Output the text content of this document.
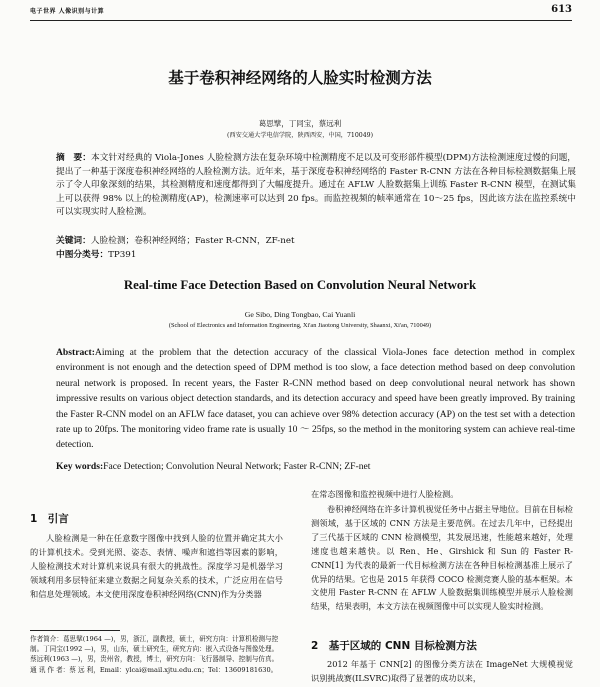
电子世界 人像识别与计算	613
基于卷积神经网络的人脸实时检测方法
葛思擘，丁同宝，蔡远利
(西安交通大学电信学院，陕西西安，中国，710049)
摘　要：本文针对经典的 Viola-Jones 人脸检测方法在复杂环境中检测精度不足以及可变形部件模型(DPM)方法检测速度过慢的问题，提出了一种基于深度卷积神经网络的人脸检测方法。近年来，基于深度卷积神经网络的 Faster R-CNN 方法在各种目标检测数据集上展示了令人印象深刻的结果，其检测精度和速度都得到了大幅度提升。通过在 AFLW 人脸数据集上训练 Faster R-CNN 模型，在测试集上可以获得 98% 以上的检测精度(AP)，检测速率可以达到 20 fps。而监控视频的帧率通常在 10～25 fps，因此该方法在监控系统中可以实现实时人脸检测。
关键词：人脸检测；卷积神经网络；Faster R-CNN，ZF-net
中图分类号：TP391
Real-time Face Detection Based on Convolution Neural Network
Ge Sibo, Ding Tongbao, Cai Yuanli
(School of Electronics and Information Engineering, Xi'an Jiaotong University, Shaanxi, Xi'an, 710049)
Abstract:Aiming at the problem that the detection accuracy of the classical Viola-Jones face detection method in complex environment is not enough and the detection speed of DPM method is too slow, a face detection method based on deep convolution neural network is proposed. In recent years, the Faster R-CNN method based on deep convolutional neural network has shown impressive results on various object detection standards, and its detection accuracy and speed have been greatly improved. By training the Faster R-CNN model on an AFLW face dataset, you can achieve over 98% detection accuracy (AP) on the test set with a detection rate up to 20fps. The monitoring video frame rate is usually 10 ～ 25fps, so the method in the monitoring system can achieve real-time detection.
Key words:Face Detection; Convolution Neural Network; Faster R-CNN; ZF-net
1　引言

人脸检测是一种在任意数字图像中找到人脸的位置并确定其大小的计算机技术。受到光照、姿态、表情、噪声和遮挡等因素的影响，人脸检测技术对计算机来说具有很大的挑战性。深度学习是机器学习领域利用多层特征来建立数据之间复杂关系的技术，广泛应用在信号和信息处理领域。本文使用深度卷积神经网络(CNN)作为分类器

作者简介：葛思擘(1964 —)，男，浙江，副教授，硕士，研究方向：计算机检测与控制。丁同宝(1992 —)，男，山东，硕士研究生，研究方向：嵌入式设备与图像处理。蔡远利(1963 —)，男，贵州省，教授，博士，研究方向：飞行器制导、控制与仿真。通 讯 作 者：蔡 远 利，Email：ylcai@mail.xjtu.edu.cn；Tel：13609181630。

在常态图像和监控视频中进行人脸检测。

卷积神经网络在许多计算机视觉任务中占据主导地位。目前在目标检测领域，基于区域的 CNN 方法是主要范例。在过去几年中，已经提出了三代基于区域的 CNN 检测模型，其发展迅速，性能越来越好，处理速度也越来越快。以 Ren、He、Girshick 和 Sun 的 Faster R-CNN[1] 为代表的最新一代目标检测方法在各种目标检测基准上展示了优异的结果。它也是 2015 年获得 COCO 检测竞赛人脸的基本框架。本文使用 Faster R-CNN 在 AFLW 人脸数据集训练模型并展示人脸检测结果，结果表明，本文方法在视频图像中可以实现人脸实时检测。

2　基于区域的 CNN 目标检测方法

2012 年基于 CNN[2] 的图像分类方法在 ImageNet 大规模视觉识别挑战赛(ILSVRC)取得了显著的成功以来，
